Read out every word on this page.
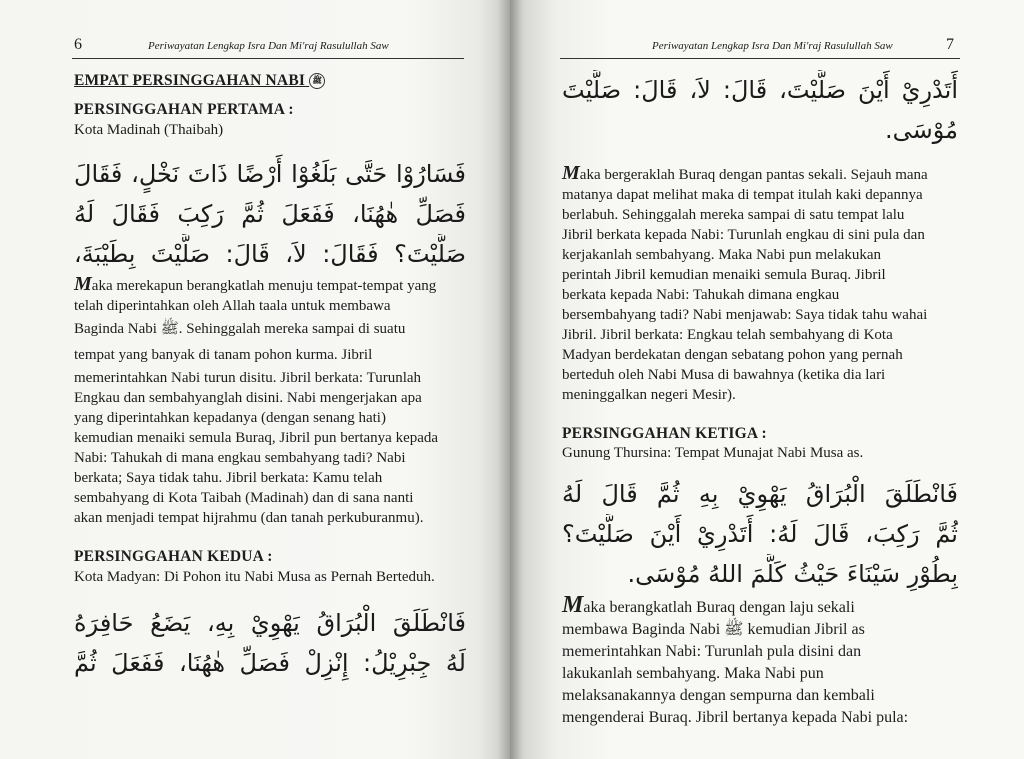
6	Periwayatan Lengkap Isra Dan Mi'raj Rasulullah Saw
EMPAT PERSINGGAHAN NABI ﷺ
PERSINGGAHAN PERTAMA :
Kota Madinah (Thaibah)
فَسَارُوْا حَتَّى بَلَغُوْا أَرْضًا ذَاتَ نَخْلٍ، فَقَالَ
فَصَلِّ هٰهُنَا، فَفَعَلَ ثُمَّ رَكِبَ فَقَالَ لَهُ
صَلَّيْتَ؟ فَقَالَ: لاَ، قَالَ: صَلَّيْتَ بِطَيْبَةَ،
Maka merekapun berangkatlah menuju tempat-tempat yang
telah diperintahkan oleh Allah taala untuk membawa
Baginda Nabi ﷺ. Sehinggalah mereka sampai di suatu
tempat yang banyak di tanam pohon kurma. Jibril
memerintahkan Nabi turun disitu. Jibril berkata: Turunlah
Engkau dan sembahyanglah disini. Nabi mengerjakan apa
yang diperintahkan kepadanya (dengan senang hati)
kemudian menaiki semula Buraq, Jibril pun bertanya kepada
Nabi: Tahukah di mana engkau sembahyang tadi? Nabi
berkata; Saya tidak tahu. Jibril berkata: Kamu telah
sembahyang di Kota Taibah (Madinah) dan di sana nanti
akan menjadi tempat hijrahmu (dan tanah perkuburanmu).
PERSINGGAHAN KEDUA :
Kota Madyan: Di Pohon itu Nabi Musa as Pernah Berteduh.
فَانْطَلَقَ الْبُرَاقُ يَهْوِيْ بِهِ، يَضَعُ حَافِرَهُ
لَهُ جِبْرِيْلُ: إِنْزِلْ فَصَلِّ هٰهُنَا، فَفَعَلَ ثُمَّ
Periwayatan Lengkap Isra Dan Mi'raj Rasulullah Saw	7
أَتَدْرِيْ أَيْنَ صَلَّيْتَ، قَالَ: لاَ، قَالَ: صَلَّيْتَ
مُوْسَى.
Maka bergeraklah Buraq dengan pantas sekali. Sejauh mana
matanya dapat melihat maka di tempat itulah kaki depannya
berlabuh. Sehinggalah mereka sampai di satu tempat lalu
Jibril berkata kepada Nabi: Turunlah engkau di sini pula dan
kerjakanlah sembahyang. Maka Nabi pun melakukan
perintah Jibril kemudian menaiki semula Buraq. Jibril
berkata kepada Nabi: Tahukah dimana engkau
bersembahyang tadi? Nabi menjawab: Saya tidak tahu wahai
Jibril. Jibril berkata: Engkau telah sembahyang di Kota
Madyan berdekatan dengan sebatang pohon yang pernah
berteduh oleh Nabi Musa di bawahnya (ketika dia lari
meninggalkan negeri Mesir).
PERSINGGAHAN KETIGA :
Gunung Thursina: Tempat Munajat Nabi Musa as.
فَانْطَلَقَ الْبُرَاقُ يَهْوِيْ بِهِ ثُمَّ قَالَ لَهُ
ثُمَّ رَكِبَ، قَالَ لَهُ: أَتَدْرِيْ أَيْنَ صَلَّيْتَ؟
بِطُوْرِ سَيْنَاءَ حَيْثُ كَلَّمَ اللهُ مُوْسَى.
Maka berangkatlah Buraq dengan laju sekali
membawa Baginda Nabi ﷺ kemudian Jibril as
memerintahkan Nabi: Turunlah pula disini dan
lakukanlah sembahyang. Maka Nabi pun
melaksanakannya dengan sempurna dan kembali
mengenderai Buraq. Jibril bertanya kepada Nabi pula:
